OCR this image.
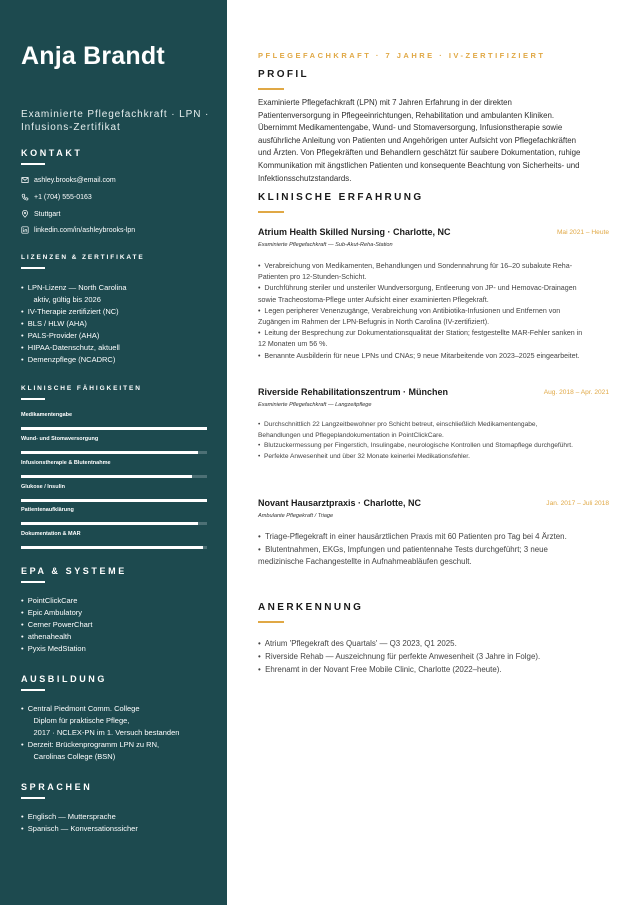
Anja Brandt
Examinierte Pflegefachkraft · LPN · Infusions-Zertifikat
KONTAKT
ashley.brooks@email.com
+1 (704) 555-0163
Stuttgart
linkedin.com/in/ashleybrooks-lpn
LIZENZEN & ZERTIFIKATE
•  LPN-Lizenz — North Carolina
aktiv, gültig bis 2026
•  IV-Therapie zertifiziert (NC)
•  BLS / HLW (AHA)
•  PALS-Provider (AHA)
•  HIPAA-Datenschutz, aktuell
•  Demenzpflege (NCADRC)
KLINISCHE FÄHIGKEITEN
Medikamentengabe
Wund- und Stomaversorgung
Infusionstherapie & Blutentnahme
Glukose / Insulin
Patientenaufklärung
Dokumentation & MAR
EPA & SYSTEME
•  PointClickCare
•  Epic Ambulatory
•  Cerner PowerChart
•  athenahealth
•  Pyxis MedStation
AUSBILDUNG
•  Central Piedmont Comm. College
Diplom für praktische Pflege,
2017 · NCLEX-PN im 1. Versuch bestanden
•  Derzeit: Brückenprogramm LPN zu RN,
Carolinas College (BSN)
SPRACHEN
•  Englisch — Muttersprache
•  Spanisch — Konversationssicher
PFLEGEFACHKRAFT · 7 JAHRE · IV-ZERTIFIZIERT
PROFIL
Examinierte Pflegefachkraft (LPN) mit 7 Jahren Erfahrung in der direkten
Patientenversorgung in Pflegeeinrichtungen, Rehabilitation und ambulanten Kliniken.
Übernimmt Medikamentengabe, Wund- und Stomaversorgung, Infusionstherapie sowie
ausführliche Anleitung von Patienten und Angehörigen unter Aufsicht von Pflegefachkräften
und Ärzten. Von Pflegekräften und Behandlern geschätzt für saubere Dokumentation, ruhige
Kommunikation mit ängstlichen Patienten und konsequente Beachtung von Sicherheits- und
Infektionsschutzstandards.
KLINISCHE ERFAHRUNG
Atrium Health Skilled Nursing · Charlotte, NC	Mai 2021 – Heute
Examinierte Pflegefachkraft — Sub-Akut-Reha-Station
•  Verabreichung von Medikamenten, Behandlungen und Sondennahrung für 16–20 subakute Reha-
Patienten pro 12-Stunden-Schicht.
•  Durchführung steriler und unsteriler Wundversorgung, Entleerung von JP- und Hemovac-Drainagen
sowie Tracheostoma-Pflege unter Aufsicht einer examinierten Pflegekraft.
•  Legen peripherer Venenzugänge, Verabreichung von Antibiotika-Infusionen und Entfernen von
Zugängen im Rahmen der LPN-Befugnis in North Carolina (IV-zertifiziert).
•  Leitung der Besprechung zur Dokumentationsqualität der Station; festgestellte MAR-Fehler sanken in
12 Monaten um 56 %.
•  Benannte Ausbilderin für neue LPNs und CNAs; 9 neue Mitarbeitende von 2023–2025 eingearbeitet.
Riverside Rehabilitationszentrum · München	Aug. 2018 – Apr. 2021
Examinierte Pflegefachkraft — Langzeitpflege
•  Durchschnittlich 22 Langzeitbewohner pro Schicht betreut, einschließlich Medikamentengabe,
Behandlungen und Pflegeplandokumentation in PointClickCare.
•  Blutzuckermessung per Fingerstich, Insulingabe, neurologische Kontrollen und Stomapflege durchgeführt.
•  Perfekte Anwesenheit und über 32 Monate keinerlei Medikationsfehler.
Novant Hausarztpraxis · Charlotte, NC	Jan. 2017 – Juli 2018
Ambulante Pflegekraft / Triage
•  Triage-Pflegekraft in einer hausärztlichen Praxis mit 60 Patienten pro Tag bei 4 Ärzten.
•  Blutentnahmen, EKGs, Impfungen und patientennahe Tests durchgeführt; 3 neue
medizinische Fachangestellte in Aufnahmeabläufen geschult.
ANERKENNUNG
•  Atrium 'Pflegekraft des Quartals' — Q3 2023, Q1 2025.
•  Riverside Rehab — Auszeichnung für perfekte Anwesenheit (3 Jahre in Folge).
•  Ehrenamt in der Novant Free Mobile Clinic, Charlotte (2022–heute).
